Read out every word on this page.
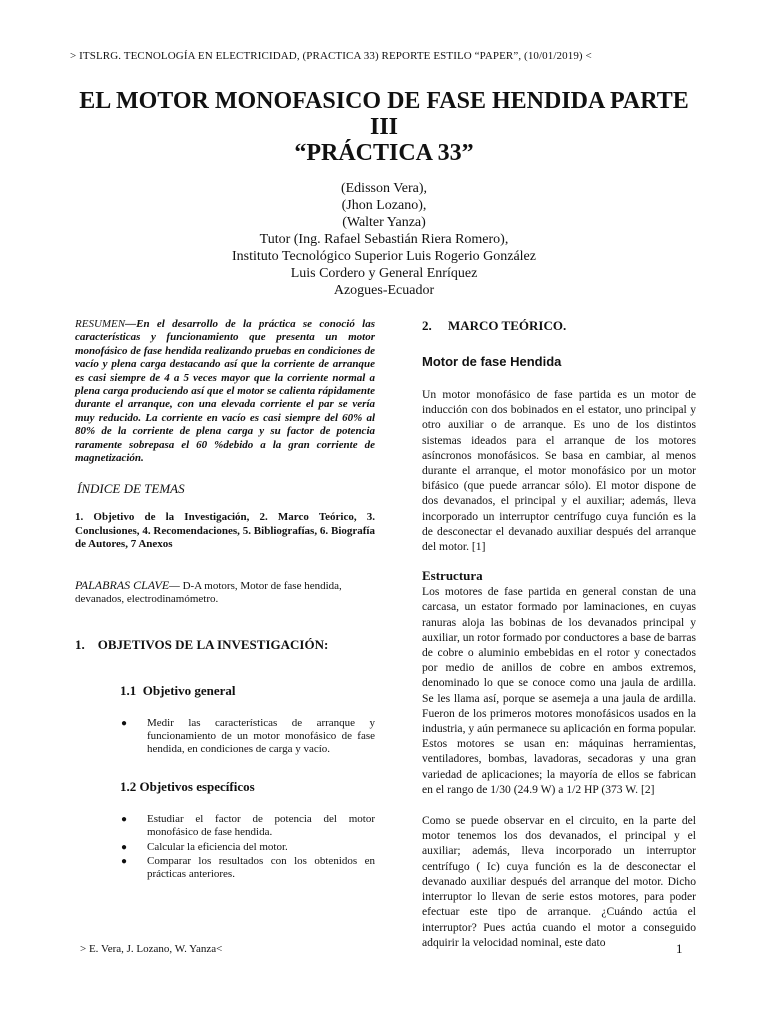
> ITSLRG. TECNOLOGÍA EN ELECTRICIDAD, (PRACTICA 33) REPORTE ESTILO “PAPER”, (10/01/2019) <
EL MOTOR MONOFASICO DE FASE HENDIDA PARTE
III
“PRÁCTICA 33”
(Edisson Vera),
(Jhon Lozano),
(Walter Yanza)
Tutor (Ing. Rafael Sebastián Riera Romero),
Instituto Tecnológico Superior Luis Rogerio González
Luis Cordero y General Enríquez
Azogues-Ecuador

RESUMEN—En el desarrollo de la práctica se conoció las características y funcionamiento que presenta un motor monofásico de fase hendida realizando pruebas en condiciones de vacío y plena carga destacando así que la corriente de arranque es casi siempre de 4 a 5 veces mayor que la corriente normal a plena carga produciendo así que el motor se calienta rápidamente durante el arranque, con una elevada corriente el par se vería muy reducido. La corriente en vacío es casi siempre del 60% al 80% de la corriente de plena carga y su factor de potencia raramente sobrepasa el 60 %debido a la gran corriente de magnetización.

ÍNDICE DE TEMAS

1. Objetivo de la Investigación, 2. Marco Teórico, 3. Conclusiones, 4. Recomendaciones, 5. Bibliografías, 6. Biografía de Autores, 7 Anexos

PALABRAS CLAVE— D-A motors, Motor de fase hendida, devanados, electrodinamómetro.

1.    OBJETIVOS DE LA INVESTIGACIÓN:
1.1  Objetivo general
● Medir las características de arranque y funcionamiento de un motor monofásico de fase hendida, en condiciones de carga y vacío.
1.2 Objetivos específicos
● Estudiar el factor de potencia del motor monofásico de fase hendida.
● Calcular la eficiencia del motor.
● Comparar los resultados con los obtenidos en prácticas anteriores.
2. MARCO TEÓRICO.
Motor de fase Hendida

Un motor monofásico de fase partida es un motor de inducción con dos bobinados en el estator, uno principal y otro auxiliar o de arranque. Es uno de los distintos sistemas ideados para el arranque de los motores asíncronos monofásicos. Se basa en cambiar, al menos durante el arranque, el motor monofásico por un motor bifásico (que puede arrancar sólo). El motor dispone de dos devanados, el principal y el auxiliar; además, lleva incorporado un interruptor centrífugo cuya función es la de desconectar el devanado auxiliar después del arranque del motor. [1]

Estructura

Los motores de fase partida en general constan de una carcasa, un estator formado por laminaciones, en cuyas ranuras aloja las bobinas de los devanados principal y auxiliar, un rotor formado por conductores a base de barras de cobre o aluminio embebidas en el rotor y conectados por medio de anillos de cobre en ambos extremos, denominado lo que se conoce como una jaula de ardilla. Se les llama así, porque se asemeja a una jaula de ardilla. Fueron de los primeros motores monofásicos usados en la industria, y aún permanece su aplicación en forma popular. Estos motores se usan en: máquinas herramientas, ventiladores, bombas, lavadoras, secadoras y una gran variedad de aplicaciones; la mayoría de ellos se fabrican en el rango de 1/30 (24.9 W) a 1/2 HP (373 W. [2]

Como se puede observar en el circuito, en la parte del motor tenemos los dos devanados, el principal y el auxiliar; además, lleva incorporado un interruptor centrífugo ( Ic) cuya función es la de desconectar el devanado auxiliar después del arranque del motor. Dicho interruptor lo llevan de serie estos motores, para poder efectuar este tipo de arranque. ¿Cuándo actúa el interruptor? Pues actúa cuando el motor a conseguido adquirir la velocidad nominal, este dato

> E. Vera, J. Lozano, W. Yanza<	1
